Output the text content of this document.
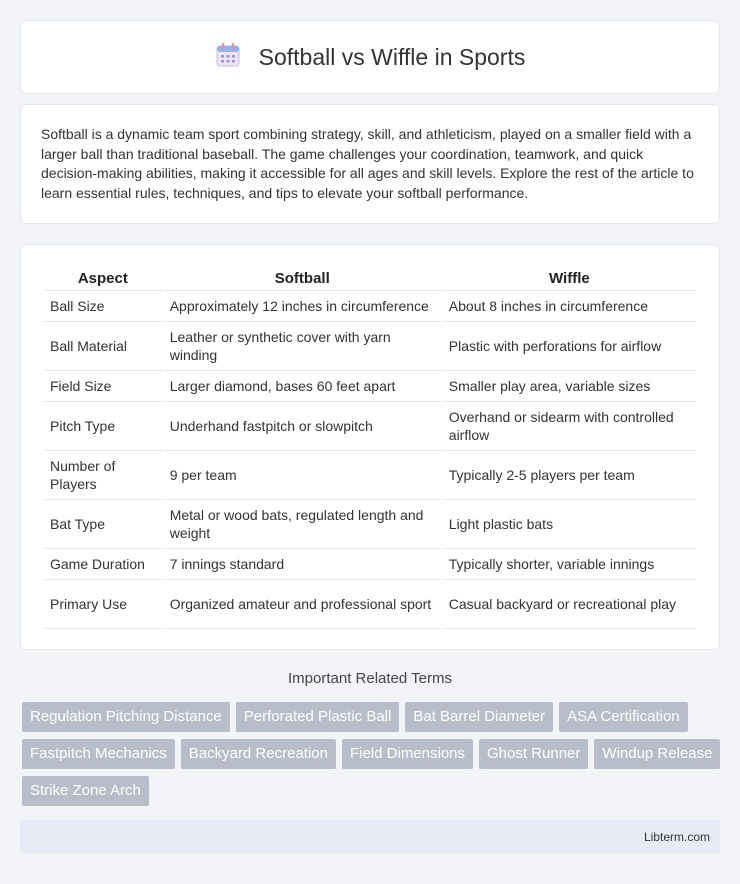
Softball vs Wiffle in Sports

Softball is a dynamic team sport combining strategy, skill, and athleticism, played on a smaller field with a larger ball than traditional baseball. The game challenges your coordination, teamwork, and quick decision-making abilities, making it accessible for all ages and skill levels. Explore the rest of the article to learn essential rules, techniques, and tips to elevate your softball performance.

Aspect	Softball	Wiffle
Ball Size	Approximately 12 inches in circumference	About 8 inches in circumference
Ball Material	Leather or synthetic cover with yarn winding	Plastic with perforations for airflow
Field Size	Larger diamond, bases 60 feet apart	Smaller play area, variable sizes
Pitch Type	Underhand fastpitch or slowpitch	Overhand or sidearm with controlled airflow
Number of Players	9 per team	Typically 2-5 players per team
Bat Type	Metal or wood bats, regulated length and weight	Light plastic bats
Game Duration	7 innings standard	Typically shorter, variable innings
Primary Use	Organized amateur and professional sport	Casual backyard or recreational play
Important Related Terms
Regulation Pitching Distance	Perforated Plastic Ball	Bat Barrel Diameter	ASA Certification
Fastpitch Mechanics	Backyard Recreation	Field Dimensions	Ghost Runner	Windup Release
Strike Zone Arch
Libterm.com
